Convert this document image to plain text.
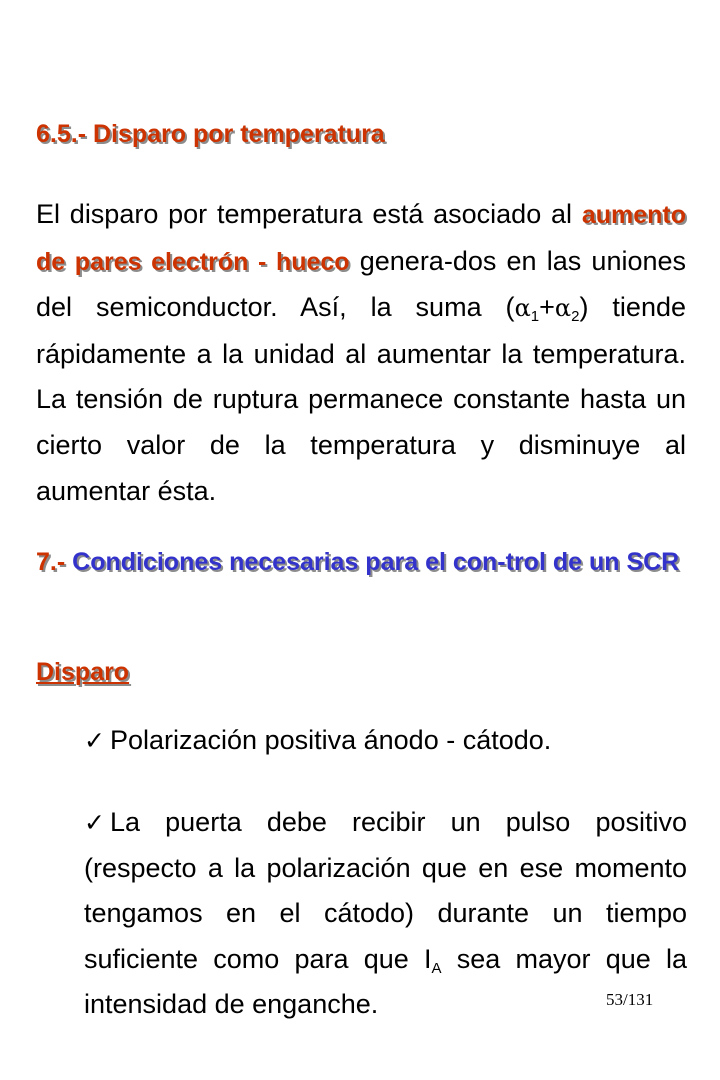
6.5.- Disparo por temperatura

El disparo por temperatura está asociado al aumento de pares electrón - hueco genera-dos en las uniones del semiconductor. Así, la suma $(\alpha_1+\alpha_2)$ tiende rápidamente a la unidad al aumentar la temperatura. La tensión de ruptura permanece constante hasta un cierto valor de la temperatura y disminuye al aumentar ésta.

7.- Condiciones necesarias para el con-trol de un SCR
Disparo

✓ Polarización positiva ánodo - cátodo.

✓ La puerta debe recibir un pulso positivo (respecto a la polarización que en ese momento tengamos en el cátodo) durante un tiempo suficiente como para que $I_A$ sea mayor que la intensidad de enganche.	53/131
